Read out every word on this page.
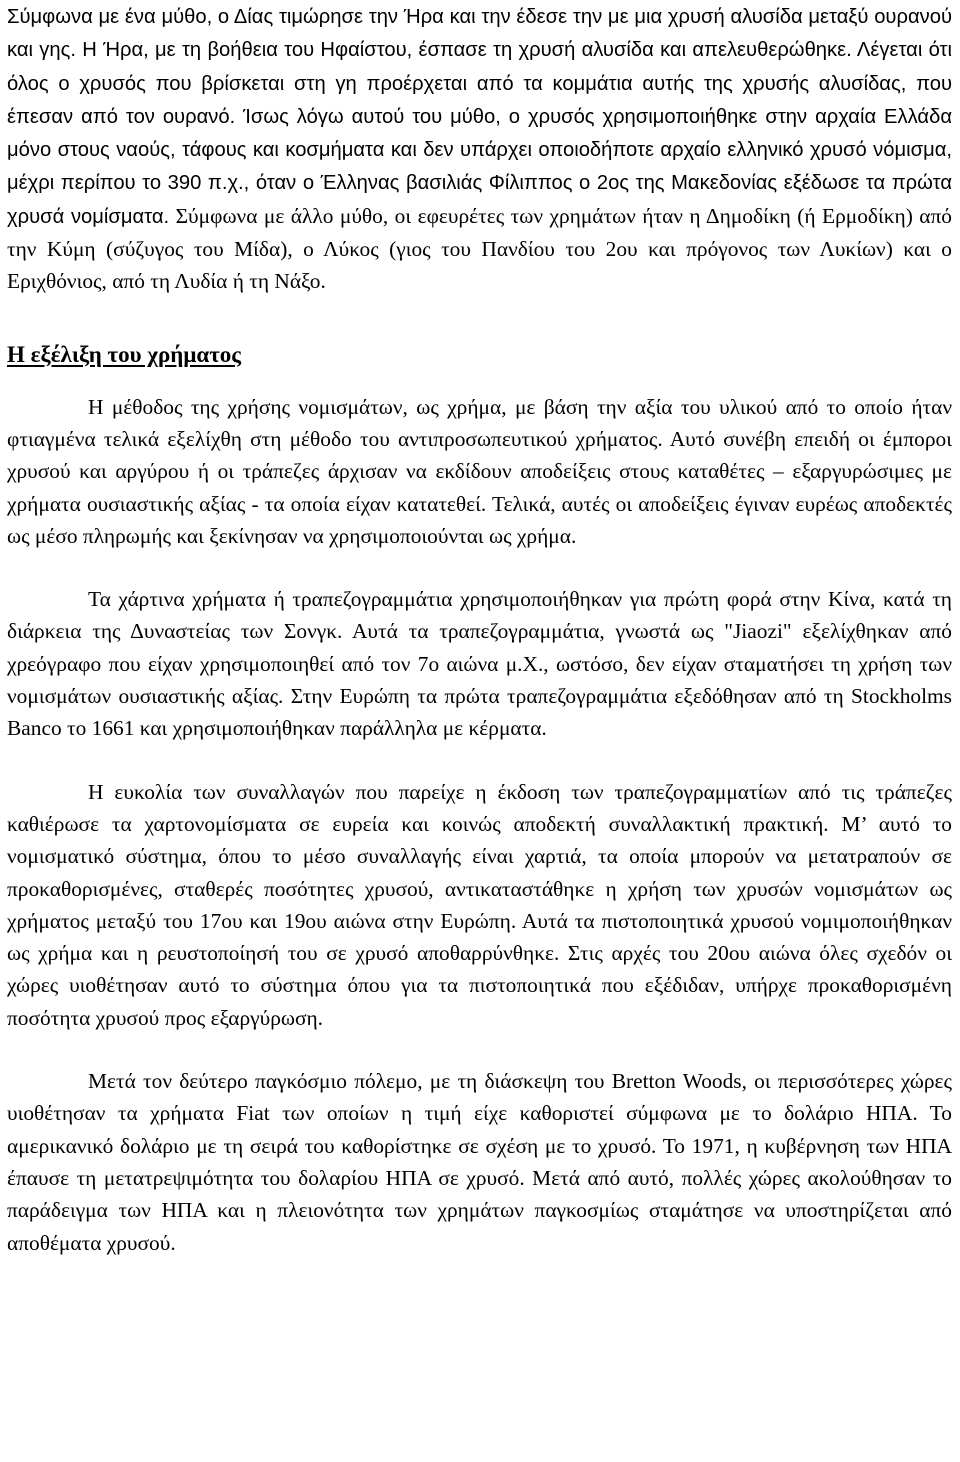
Σύμφωνα με ένα μύθο, ο Δίας τιμώρησε την Ήρα και την έδεσε την με μια χρυσή αλυσίδα μεταξύ ουρανού και γης. Η Ήρα, με τη βοήθεια του Ηφαίστου, έσπασε τη χρυσή αλυσίδα και απελευθερώθηκε. Λέγεται ότι όλος ο χρυσός που βρίσκεται στη γη προέρχεται από τα κομμάτια αυτής της χρυσής αλυσίδας, που έπεσαν από τον ουρανό. Ίσως λόγω αυτού του μύθο, ο χρυσός χρησιμοποιήθηκε στην αρχαία Ελλάδα μόνο στους ναούς, τάφους και κοσμήματα και δεν υπάρχει οποιοδήποτε αρχαίο ελληνικό χρυσό νόμισμα, μέχρι περίπου το 390 π.χ., όταν ο Έλληνας βασιλιάς Φίλιππος ο 2ος της Μακεδονίας εξέδωσε τα πρώτα χρυσά νομίσματα. Σύμφωνα με άλλο μύθο, οι εφευρέτες των χρημάτων ήταν η Δημοδίκη (ή Ερμοδίκη) από την Κύμη (σύζυγος του Μίδα), ο Λύκος (γιος του Πανδίου του 2ου και πρόγονος των Λυκίων) και ο Εριχθόνιος, από τη Λυδία ή τη Νάξο.

Η εξέλιξη του χρήματος

Η μέθοδος της χρήσης νομισμάτων, ως χρήμα, με βάση την αξία του υλικού από το οποίο ήταν φτιαγμένα τελικά εξελίχθη στη μέθοδο του αντιπροσωπευτικού χρήματος. Αυτό συνέβη επειδή οι έμποροι χρυσού και αργύρου ή οι τράπεζες άρχισαν να εκδίδουν αποδείξεις στους καταθέτες – εξαργυρώσιμες με χρήματα ουσιαστικής αξίας - τα οποία είχαν κατατεθεί. Τελικά, αυτές οι αποδείξεις έγιναν ευρέως αποδεκτές ως μέσο πληρωμής και ξεκίνησαν να χρησιμοποιούνται ως χρήμα.

Τα χάρτινα χρήματα ή τραπεζογραμμάτια χρησιμοποιήθηκαν για πρώτη φορά στην Κίνα, κατά τη διάρκεια της Δυναστείας των Σονγκ. Αυτά τα τραπεζογραμμάτια, γνωστά ως "Jiaozi" εξελίχθηκαν από χρεόγραφο που είχαν χρησιμοποιηθεί από τον 7ο αιώνα μ.Χ., ωστόσο, δεν είχαν σταματήσει τη χρήση των νομισμάτων ουσιαστικής αξίας. Στην Ευρώπη τα πρώτα τραπεζογραμμάτια εξεδόθησαν από τη Stockholms Banco το 1661 και χρησιμοποιήθηκαν παράλληλα με κέρματα.

Η ευκολία των συναλλαγών που παρείχε η έκδοση των τραπεζογραμματίων από τις τράπεζες καθιέρωσε τα χαρτονομίσματα σε ευρεία και κοινώς αποδεκτή συναλλακτική πρακτική. Μ’ αυτό το νομισματικό σύστημα, όπου το μέσο συναλλαγής είναι χαρτιά, τα οποία μπορούν να μετατραπούν σε προκαθορισμένες, σταθερές ποσότητες χρυσού, αντικαταστάθηκε η χρήση των χρυσών νομισμάτων ως χρήματος μεταξύ του 17ου και 19ου αιώνα στην Ευρώπη. Αυτά τα πιστοποιητικά χρυσού νομιμοποιήθηκαν ως χρήμα και η ρευστοποίησή του σε χρυσό αποθαρρύνθηκε. Στις αρχές του 20ου αιώνα όλες σχεδόν οι χώρες υιοθέτησαν αυτό το σύστημα όπου για τα πιστοποιητικά που εξέδιδαν, υπήρχε προκαθορισμένη ποσότητα χρυσού προς εξαργύρωση.

Μετά τον δεύτερο παγκόσμιο πόλεμο, με τη διάσκεψη του Bretton Woods, οι περισσότερες χώρες υιοθέτησαν τα χρήματα Fiat των οποίων η τιμή είχε καθοριστεί σύμφωνα με το δολάριο ΗΠΑ. Το αμερικανικό δολάριο με τη σειρά του καθορίστηκε σε σχέση με το χρυσό. Το 1971, η κυβέρνηση των ΗΠΑ έπαυσε τη μετατρεψιμότητα του δολαρίου ΗΠΑ σε χρυσό. Μετά από αυτό, πολλές χώρες ακολούθησαν το παράδειγμα των ΗΠΑ και η πλειονότητα των χρημάτων παγκοσμίως σταμάτησε να υποστηρίζεται από αποθέματα χρυσού.
